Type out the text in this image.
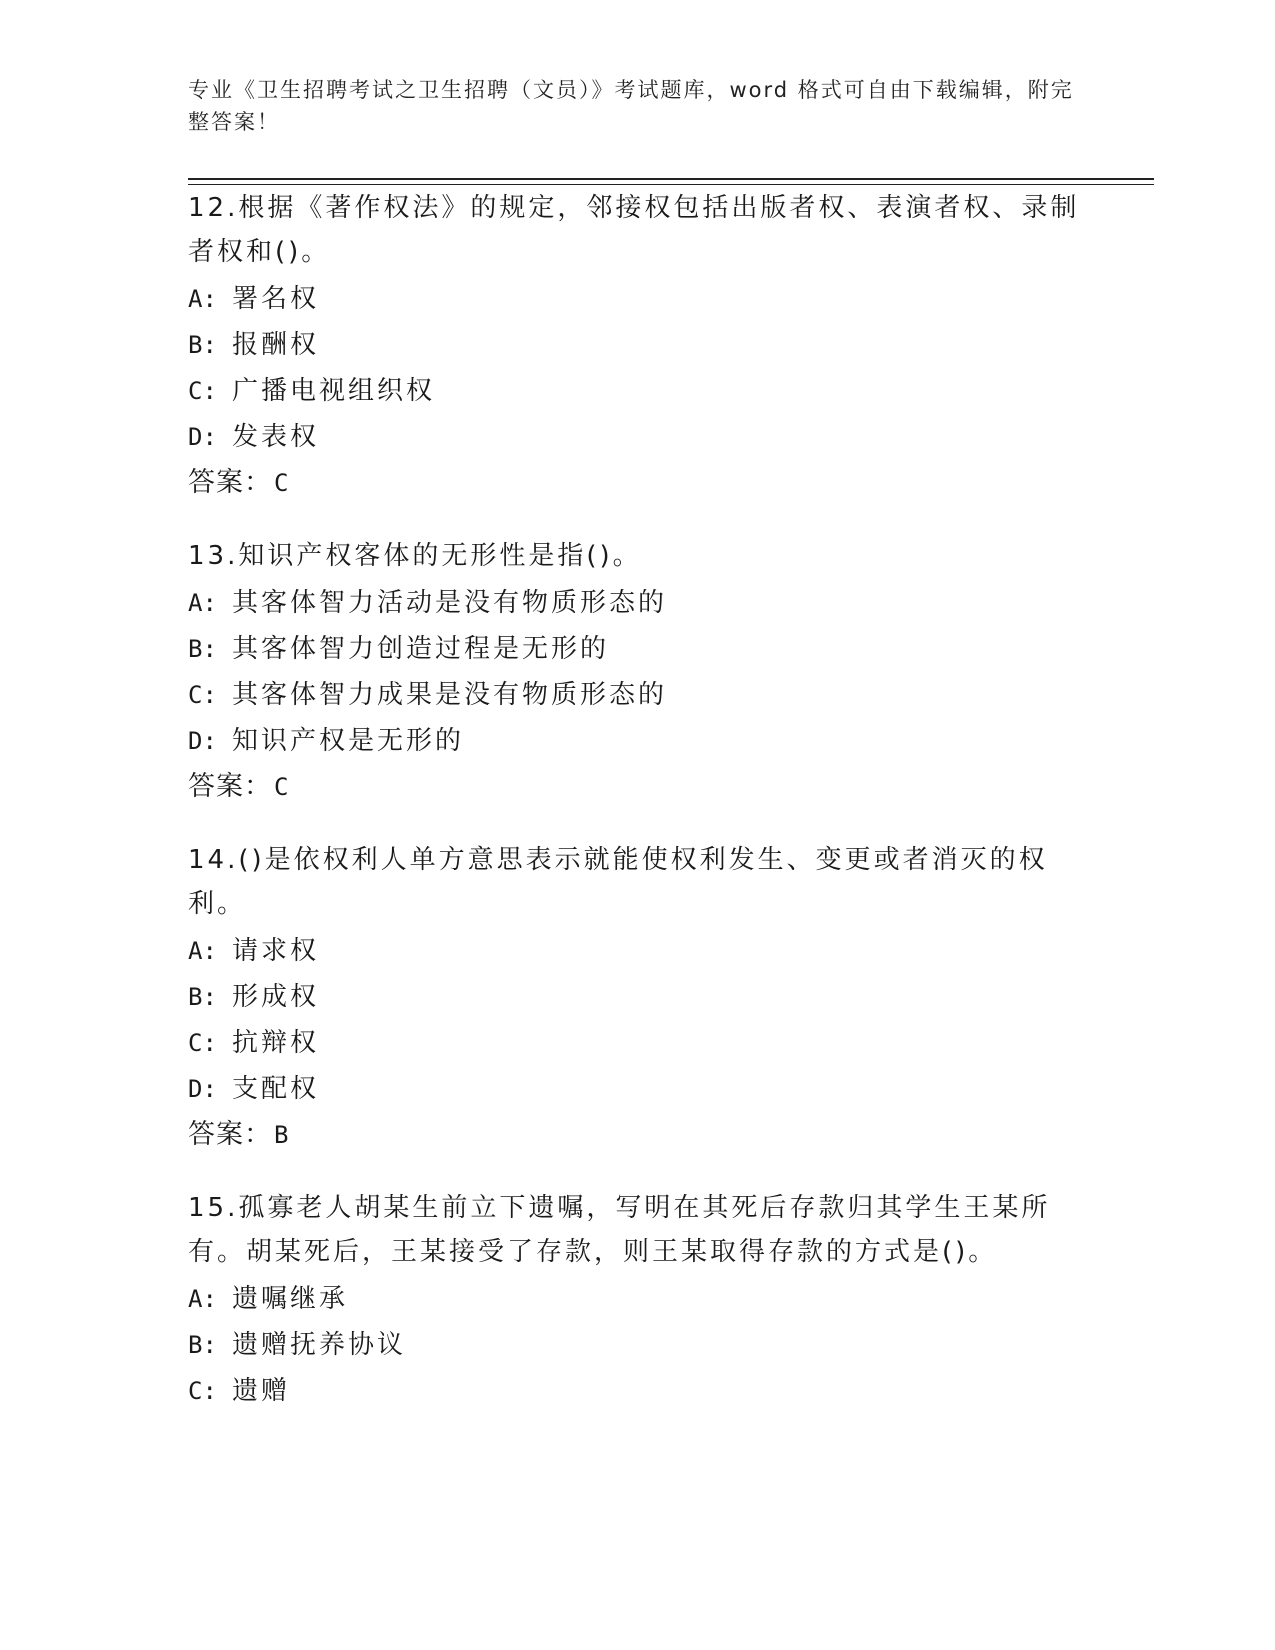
专业《卫生招聘考试之卫生招聘（文员）》考试题库，word 格式可自由下载编辑，附完整答案！
12.根据《著作权法》的规定，邻接权包括出版者权、表演者权、录制者权和()。
A: 署名权
B: 报酬权
C: 广播电视组织权
D: 发表权
答案： C
13.知识产权客体的无形性是指()。
A: 其客体智力活动是没有物质形态的
B: 其客体智力创造过程是无形的
C: 其客体智力成果是没有物质形态的
D: 知识产权是无形的
答案： C
14.()是依权利人单方意思表示就能使权利发生、变更或者消灭的权利。
A: 请求权
B: 形成权
C: 抗辩权
D: 支配权
答案： B
15.孤寡老人胡某生前立下遗嘱，写明在其死后存款归其学生王某所有。胡某死后，王某接受了存款，则王某取得存款的方式是()。
A: 遗嘱继承
B: 遗赠抚养协议
C: 遗赠
